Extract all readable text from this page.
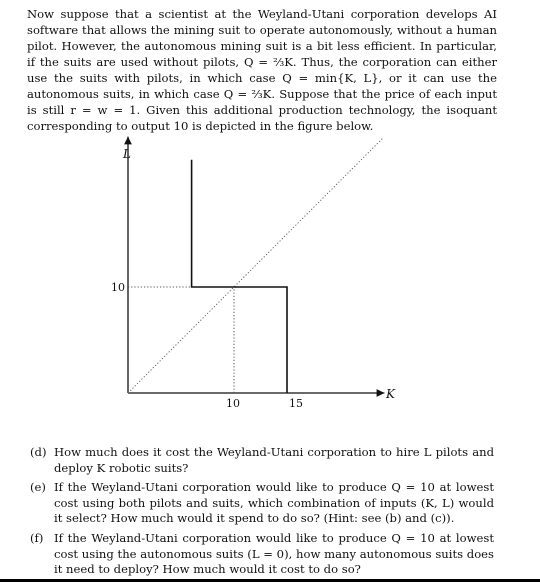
Now suppose that a scientist at the Weyland-Utani corporation develops AI software that allows the mining suit to operate autonomously, without a human pilot. However, the autonomous mining suit is a bit less efficient. In particular, if the suits are used without pilots, Q = ⅔K. Thus, the corporation can either use the suits with pilots, in which case Q = min{K, L}, or it can use the autonomous suits, in which case Q = ⅔K. Suppose that the price of each input is still r = w = 1. Given this additional production technology, the isoquant corresponding to output 10 is depicted in the figure below.

L
K
10
10	15
(d) How much does it cost the Weyland-Utani corporation to hire L pilots and deploy K robotic suits?
(e) If the Weyland-Utani corporation would like to produce Q = 10 at lowest cost using both pilots and suits, which combination of inputs (K, L) would it select? How much would it spend to do so? (Hint: see (b) and (c)).
(f) If the Weyland-Utani corporation would like to produce Q = 10 at lowest cost using the autonomous suits (L = 0), how many autonomous suits does it need to deploy? How much would it cost to do so?
